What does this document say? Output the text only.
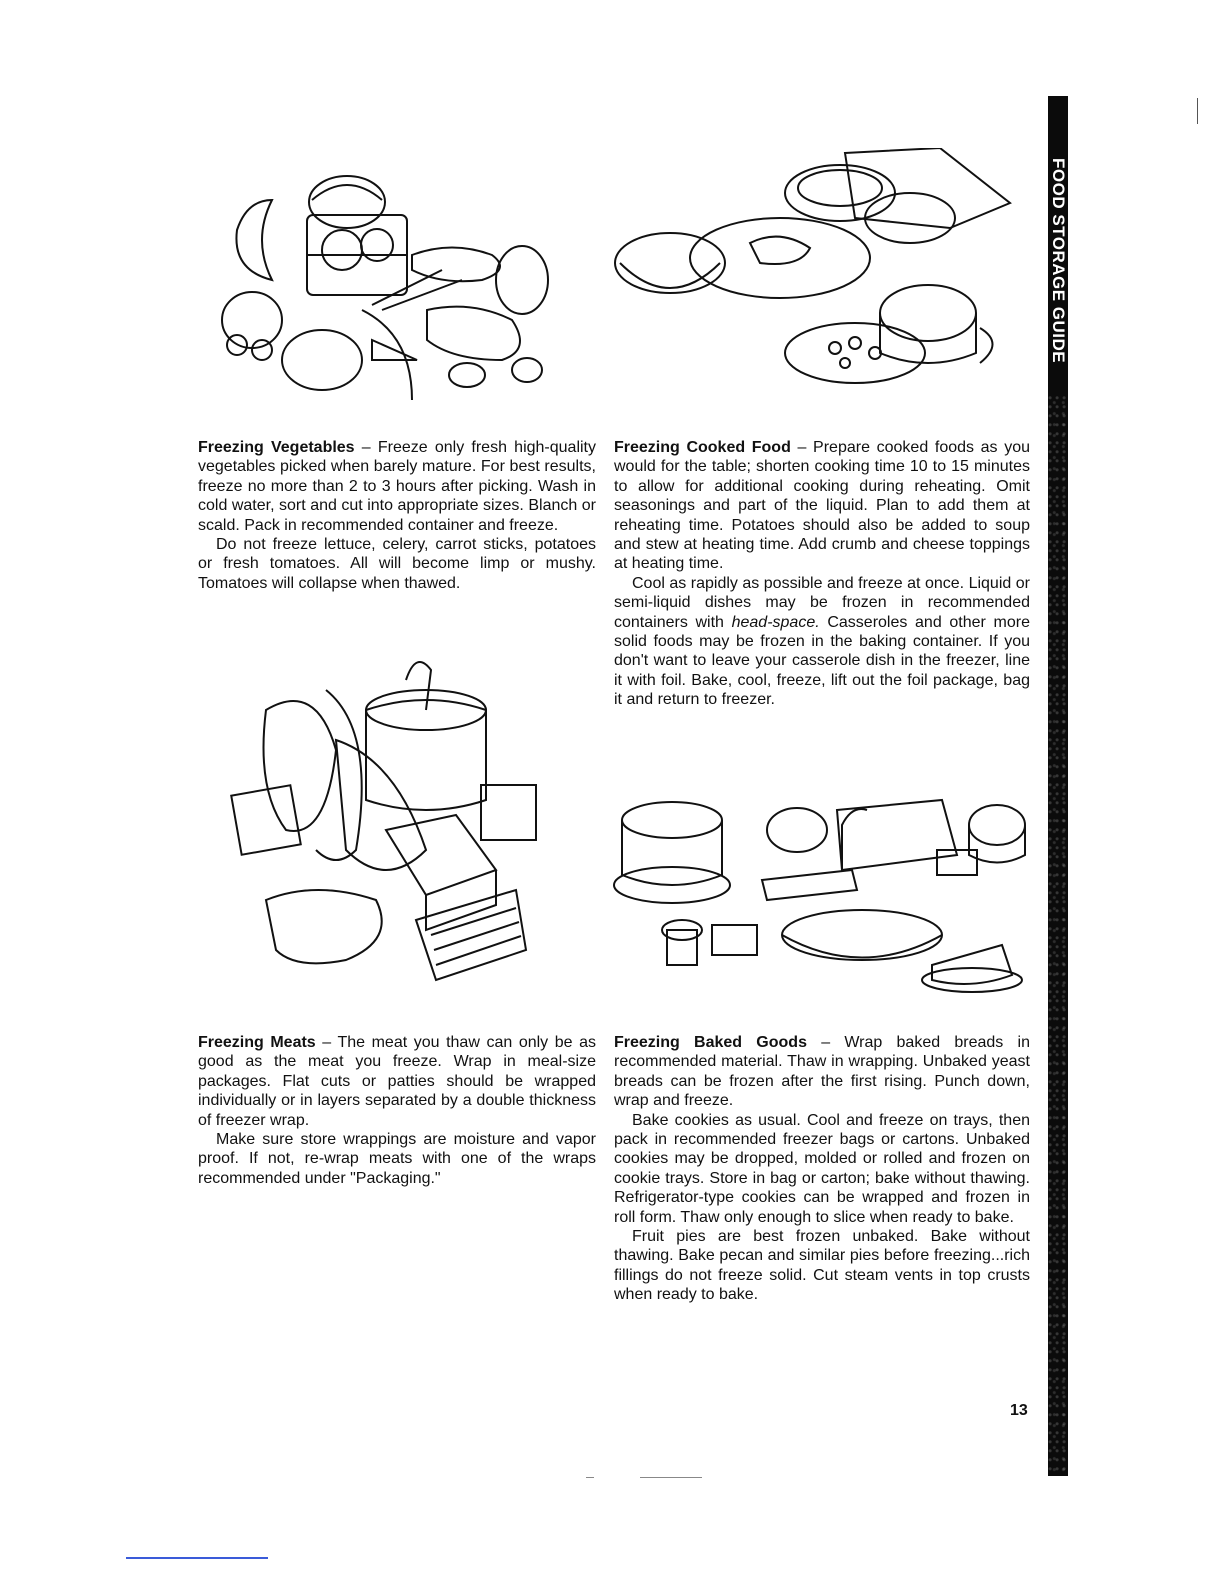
FOOD STORAGE GUIDE

Freezing Vegetables – Freeze only fresh high-quality vegetables picked when barely mature. For best results, freeze no more than 2 to 3 hours after picking. Wash in cold water, sort and cut into appropriate sizes. Blanch or scald. Pack in recommended container and freeze.

Do not freeze lettuce, celery, carrot sticks, potatoes or fresh tomatoes. All will become limp or mushy. Tomatoes will collapse when thawed.

Freezing Cooked Food – Prepare cooked foods as you would for the table; shorten cooking time 10 to 15 minutes to allow for additional cooking during reheating. Omit seasonings and part of the liquid. Plan to add them at reheating time. Potatoes should also be added to soup and stew at heating time. Add crumb and cheese toppings at heating time.

Cool as rapidly as possible and freeze at once. Liquid or semi-liquid dishes may be frozen in recommended containers with head-space. Casseroles and other more solid foods may be frozen in the baking container. If you don't want to leave your casserole dish in the freezer, line it with foil. Bake, cool, freeze, lift out the foil package, bag it and return to freezer.

Freezing Meats – The meat you thaw can only be as good as the meat you freeze. Wrap in meal-size packages. Flat cuts or patties should be wrapped individually or in layers separated by a double thickness of freezer wrap.

Make sure store wrappings are moisture and vapor proof. If not, re-wrap meats with one of the wraps recommended under "Packaging."

Freezing Baked Goods – Wrap baked breads in recommended material. Thaw in wrapping. Unbaked yeast breads can be frozen after the first rising. Punch down, wrap and freeze.

Bake cookies as usual. Cool and freeze on trays, then pack in recommended freezer bags or cartons. Unbaked cookies may be dropped, molded or rolled and frozen on cookie trays. Store in bag or carton; bake without thawing. Refrigerator-type cookies can be wrapped and frozen in roll form. Thaw only enough to slice when ready to bake.

Fruit pies are best frozen unbaked. Bake without thawing. Bake pecan and similar pies before freezing...rich fillings do not freeze solid. Cut steam vents in top crusts when ready to bake.

13
